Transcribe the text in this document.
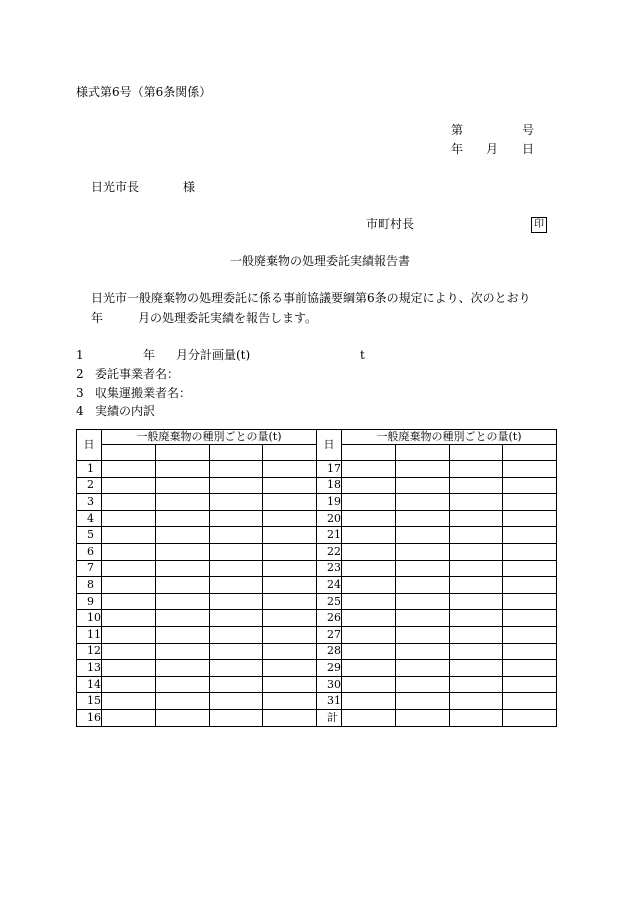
様式第6号（第6条関係）
第	号
年 月 日
日光市長	様
市町村長	印
一般廃棄物の処理委託実績報告書
日光市一般廃棄物の処理委託に係る事前協議要綱第6条の規定により、次のとおり
年	月の処理委託実績を報告します。
1	年 月分計画量(t)	t
2 委託事業者名：
3 収集運搬業者名：
4 実績の内訳
日	一般廃棄物の種別ごとの量(t)				日	一般廃棄物の種別ごとの量(t)			

1					17				
2					18				
3					19				
4					20				
5					21				
6					22				
7					23				
8					24				
9					25				
10					26				
11					27				
12					28				
13					29				
14					30				
15					31				
16					計				
